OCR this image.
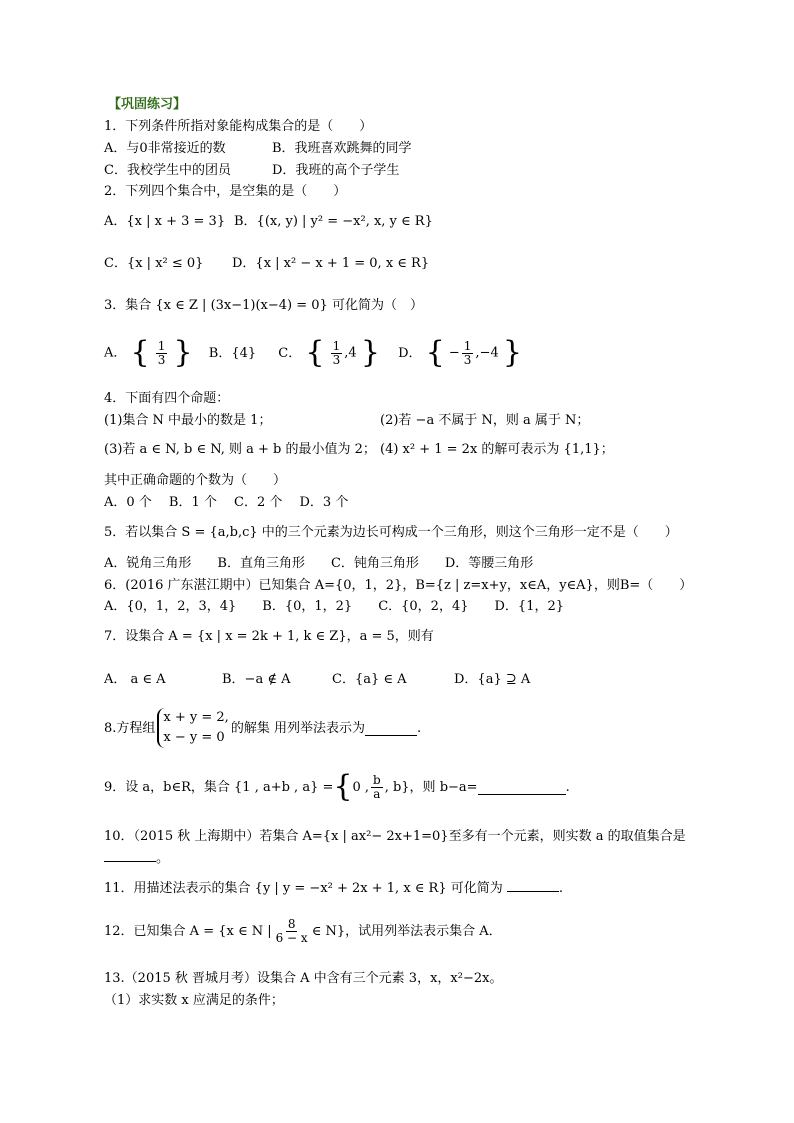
【巩固练习】
1．下列条件所指对象能构成集合的是（　　）
A．与0非常接近的数	B．我班喜欢跳舞的同学
C．我校学生中的团员	D．我班的高个子学生
2．下列四个集合中，是空集的是（　　）
A．{x | x + 3 = 3} B．{(x, y) | y² = −x², x, y ∈ R}
C．{x | x² ≤ 0} D．{x | x² − x + 1 = 0, x ∈ R}
3．集合 {x ∈ Z | (3x−1)(x−4) = 0} 可化简为（　）
A． { $\frac{1}{3}$ } B．{4} C． { $\frac{1}{3} ,4$ } D． { − $\frac{1}{3} ,-4$ }
4．下面有四个命题：
(1)集合 N 中最小的数是 1；	(2)若 −a 不属于 N，则 a 属于 N；
(3)若 a ∈ N, b ∈ N, 则 a + b 的最小值为 2； (4) x² + 1 = 2x 的解可表示为 {1,1}；
其中正确命题的个数为（　　）
A．0 个　 B．1 个　 C．2 个　 D．3 个
5．若以集合 S = {a,b,c} 中的三个元素为边长可构成一个三角形，则这个三角形一定不是（　　）
A．锐角三角形　　B．直角三角形　　C．钝角三角形　　D．等腰三角形
6．(2016 广东湛江期中）已知集合 A={0，1，2}，B={z | z=x+y，x∈A，y∈A}，则B=（　　）
A．{0，1，2，3，4}　　B．{0，1，2}　　C．{0，2，4}　　D．{1，2}
7．设集合 A = {x | x = 2k + 1, k ∈ Z}，a = 5，则有
A． a ∈ A	B．−a ∉ A	C．{a} ∈ A	D．{a} ⊇ A
8.方程组
x + y = 2,
x − y = 0
的解集 用列举法表示为	.
9．设 a，b∈R，集合 {1 , a+b , a} = { 0 , $\frac{b}{a}$ , b}，则 b−a=	.
10．（2015 秋 上海期中）若集合 A={x | ax²− 2x+1=0}至多有一个元素，则实数 a 的取值集合是
。
11．用描述法表示的集合 {y | y = −x² + 2x + 1, x ∈ R} 可化简为	.
12．已知集合 A = {x ∈ N | $\frac{8}{6 - x}$ ∈ N}，试用列举法表示集合 A．
13.（2015 秋 晋城月考）设集合 A 中含有三个元素 3，x，x²−2x。
（1）求实数 x 应满足的条件；
